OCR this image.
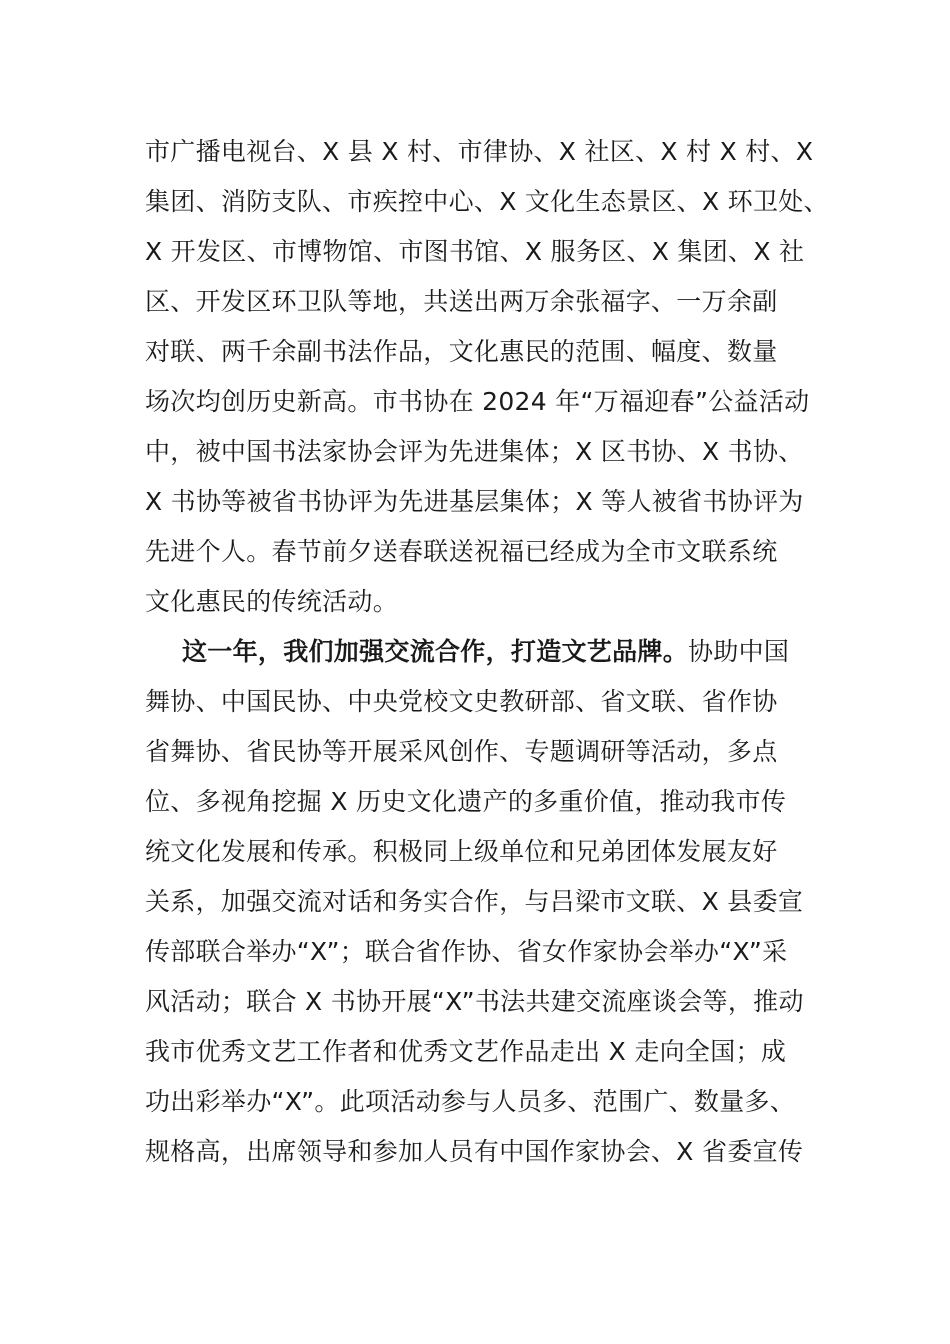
市广播电视台、X 县 X 村、市律协、X 社区、X 村 X 村、X
集团、消防支队、市疾控中心、X 文化生态景区、X 环卫处、
X 开发区、市博物馆、市图书馆、X 服务区、X 集团、X 社
区、开发区环卫队等地，共送出两万余张福字、一万余副
对联、两千余副书法作品，文化惠民的范围、幅度、数量
场次均创历史新高。市书协在 2024 年“万福迎春”公益活动
中，被中国书法家协会评为先进集体；X 区书协、X 书协、
X 书协等被省书协评为先进基层集体；X 等人被省书协评为
先进个人。春节前夕送春联送祝福已经成为全市文联系统
文化惠民的传统活动。
这一年，我们加强交流合作，打造文艺品牌。协助中国
舞协、中国民协、中央党校文史教研部、省文联、省作协
省舞协、省民协等开展采风创作、专题调研等活动，多点
位、多视角挖掘 X 历史文化遗产的多重价值，推动我市传
统文化发展和传承。积极同上级单位和兄弟团体发展友好
关系，加强交流对话和务实合作，与吕梁市文联、X 县委宣
传部联合举办“X”；联合省作协、省女作家协会举办“X”采
风活动；联合 X 书协开展“X”书法共建交流座谈会等，推动
我市优秀文艺工作者和优秀文艺作品走出 X 走向全国；成
功出彩举办“X”。此项活动参与人员多、范围广、数量多、
规格高，出席领导和参加人员有中国作家协会、X 省委宣传
